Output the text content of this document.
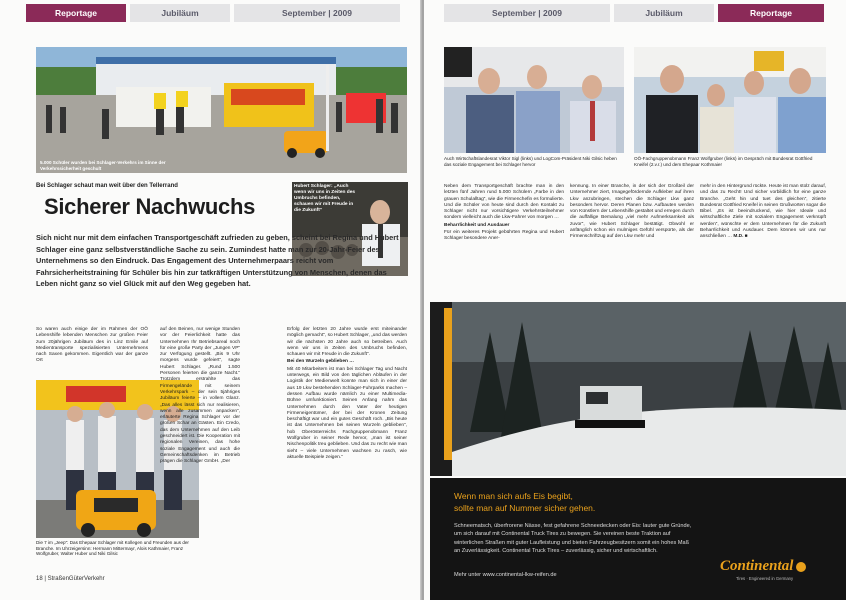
Reportage	Jubiläum	September | 2009
5.000 Schüler wurden bei Schlager-Verkehrs im Sinne der Verkehrssicherheit geschult
Bei Schlager schaut man weit über den Tellerrand
Sicherer Nachwuchs
Hubert Schlager: „Auch wenn wir uns in Zeiten des Umbruchs befinden, schauen wir mit Freude in die Zukunft“
Sich nicht nur mit dem einfachen Transportgeschäft zufrieden zu geben, scheint bei Regina und Hubert Schlager eine ganz selbstverständliche Sache zu sein. Zumindest hatte man zur 20-Jahr-Feier des Unternehmens so den Eindruck. Das Engagement des Unternehmerpaars reicht vom Fahrsicherheitstraining für Schüler bis hin zur tatkräftigen Unterstützung von Menschen, denen das Leben nicht ganz so viel Glück mit auf den Weg gegeben hat.
So waren auch einige der im Rahmen der OÖ Lebenshilfe lebenden Menschen zur großen Feier zum 20jährigen Jubiläum des in Linz Emile auf Medientransporte spezialisierten Unternehmens nach Saxen gekommen. Eigentlich war der ganze Ort
Die 7 im „Jeep“: Das Ehepaar Schlager mit Kollegen und Freunden aus der Branche. Im Uhrzeigersinn: Hermann Mittermayr, Alois Kathmaier, Franz Wolfgruber, Walter Huber und Niki Gilsic
auf den Beinen, nur wenige Stunden vor der Feierlichkeit hatte das Unternehmen Ihr Betriebsareal noch für eine große Party der „Jungen VP“ zur Verfügung gestellt. „Bis 9 Uhr morgens wurde gefeiert“, sagte Hubert Schlager. „Rund 1.500 Personen feierten die ganze Nacht.“ Trotzdem erstrahlte das Firmengelände mit seinem Verkehrspark – der sein 5jähriges Jubiläum feierte – in vollem Glanz. „Das alles lässt sich nur realisieren, wenn alle zusammen anpacken“, erläuterte Regina Schlager vor der großen Schar an Gästen. Ein Credo, das dem Unternehmen auf den Leib geschneidert ist. Die Kooperation mit regionalen Vereinen, das hohe soziale Engagement und auch die Gemeinschaftsdenken im Betrieb prägen die Schlager GmbH. „Der

Erfolg der letzten 20 Jahre wurde erst miteinander möglich gemacht“, so Hubert Schlager, „und das werden wir die nächsten 20 Jahre auch so betreiben. Auch wenn wir uns in Zeiten des Umbruchs befinden, schauen wir mit Freude in die Zukunft“.

Bei den Wurzeln geblieben …

Mit 40 Mitarbeitern ist man bei Schlager Tag und Nacht unterwegs, ein Bild von den täglichen Abläufen in der Logistik der Medienwelt konnte man sich in einer der aus 19 Lkw bestehenden Schlager-Fuhrparks machen – dessen Aufbau wurde nämlich zu einer Multimedia-Bühne umfunktioniert. Seinen Anfang nahm das Unternehmen durch den Vater der heutigen Firmeneigentümer, der bei der Kronen Zeitung beschäftigt war und ein gutes Geschäft roch. „Bis heute ist das Unternehmen bei seinen Wurzeln geblieben“, hob Oberösterreichs Fachgruppenobmann Franz Wolfgruber in seiner Rede hervor, „man ist seiner Nischenpolitik treu geblieben. Und das zu recht wie man sieht – viele Unternehmen wachsen zu rasch, wie aktuelle Beispiele zeigen.“

18 | StraßenGüterVerkehr
September | 2009	Jubiläum	Reportage
Auch Wirtschaftslandesrat Viktor Sigl (links) und LogCom-Präsident Niki Gilsic heben das soziale Engagement bei Schlager hervor
OÖ-Fachgruppenobmann Franz Wolfgruber (links) im Gespräch mit Bundesrat Gottfried Kneifel (2.v.r.) und dem Ehepaar Kothmaier

Neben dem Transportgeschäft brachte man in den letzten fünf Jahren rund 5.000 Schülern „Farbe in den grauen Schulalltag“, wie die Firmenchefin es formulierte. Und die Schüler von heute sind durch den Kontakt zu Schlager nicht nur vorsichtigere Verkehrsteilnehmer sondern vielleicht auch die Lkw-Fahrer von morgen …

Beharrlichkeit und Ausdauer

Für ein weiteres Projekt gebührten Regina und Hubert Schlager besondere Aner-

kennung. In einer Branche, in der sich der Großteil der Unternehmer ziert, Imagegefördernde Aufkleber auf ihren Lkw anzubringen, stechen die Schlager Lkw ganz besonders hervor. Deren Planen bzw. Aufbauten werden von Künstlern der Lebenshilfe gestaltet und erregen durch die auffällige Bemalung „viel mehr Aufmerksamkeit als zuvor“, wie Hubert Schlager bestätigt. Obwohl er anfänglich schon ein mulmiges Gefühl verspürte, als der Firmenschriftzug auf den Lkw mehr und
mehr in den Hintergrund rückte. Heute ist man stolz darauf, und das zu Recht! Und sicher vorbildlich für eine ganze Branche. „Geht hin und tuet des gleichen“, zitierte Bundesrat Gottfried Kneifel in seinen Grußworten sogar die Bibel. „Es ist beeindruckend, wie hier Ideale und wirtschaftliche Ziele mit sozialem Engagement verknüpft werden“, wünschte er dem Unternehmen für die Zukunft Beharrlichkeit und Ausdauer. Dem können wir uns nur anschließen … M.D. ■
Wenn man sich aufs Eis begibt,
sollte man auf Nummer sicher gehen.
Schneematsch, überfrorene Nässe, fest gefahrene Schneedecken oder Eis: lauter gute Gründe, um sich darauf mit Continental Truck Tires zu bewegen. Sie vereinen beste Traktion auf winterlichen Straßen mit guter Laufleistung und bieten Fahrzeugbesitzern somit ein hohes Maß an Zuverlässigkeit. Continental Truck Tires – zuverlässig, sicher und wirtschaftlich.
Mehr unter www.continental-lkw-reifen.de
Continental
Tires · Engineered in Germany
